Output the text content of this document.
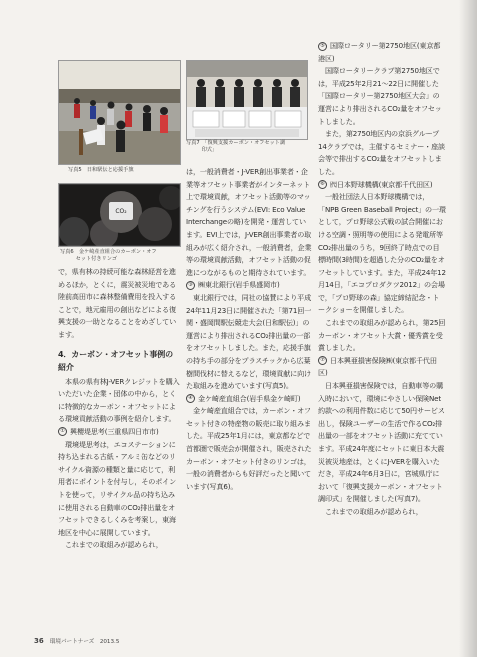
写真5　日和駅伝と応援手旗
写真7　「復興支援カーボン・オフセット調
　　　印式」
CO₂
写真6　金ケ崎産直組合のカーボン・オフ
　　　セット付きリンゴ

で，県有林の持続可能な森林経営を進めるほか，とくに，震災被災地である陸前高田市に森林整備費用を投入することで，地元雇用の創出などによる復興支援の一助となることをめざしています。

4．カーボン・オフセット事例の紹介

本県の県有林J-VERクレジットを購入いただいた企業・団体の中から，とくに特徴的なカーボン・オフセットによる環境貢献活動の事例を紹介します。

① 興櫻堤思考(三重県四日市市)

環境堤思考は，エコステーションに持ち込まれる古紙・アルミ缶などのリサイクル資源の種類と量に応じて，利用者にポイントを付与し，そのポイントを使って，リサイクル品の持ち込みに使用される自動車のCO₂排出量をオフセットできるしくみを考案し，東海地区を中心に展開しています。

これまでの取組みが認められ，

は，一般消費者・J-VER創出事業者・企業等オフセット事業者がインターネット上で環境貢献，オフセット活動等のマッチングを行うシステム(EVI: Eco Value Interchangeの略)を開発・運営しています。EVI上では，J-VER創出事業者の取組みが広く紹介され，一般消費者，企業等の環境貢献活動，オフセット活動の促進につながるものと期待されています。

③ ㈱東北銀行(岩手県盛岡市)

東北銀行では，同社の協賛により平成24年11月23日に開催された「第71回一関・盛岡間駅伝競走大会(日和駅伝)」の運営により排出されるCO₂排出量の一部をオフセットしました。また，応援手旗の持ち手の部分をプラスチックから広葉樹間伐材に替えるなど，環境貢献に向けた取組みを進めています(写真5)。

④ 金ケ崎産直組合(岩手県金ケ崎町)

金ケ崎産直組合では，カーボン・オフセット付きの特産物の販売に取り組みました。平成25年1月には，東京都などで首都圏で販売会が開催され，販売されたカーボン・オフセット付きのリンゴは，一般の消費者からも好評だったと聞いています(写真6)。

⑤ 国際ロータリー第2750地区(東京都港区)

国際ロータリークラブ第2750地区では，平成25年2月21〜22日に開催した「国際ロータリー第2750地区大会」の運営により排出されるCO₂量をオフセットしました。

また，第2750地区内の京浜グループ14クラブでは，主催するセミナー・座談会等で排出するCO₂量をオフセットしました。

⑥ ㈹日本野球機構(東京都千代田区)

一般社団法人日本野球機構では，「NPB Green Baseball Project」の一環として，プロ野球公式戦の試合開催における空調・照明等の使用による発電所等CO₂排出量のうち，9回終了時点での目標時間(3時間)を超過した分のCO₂量をオフセットしています。また，平成24年12月14日，「エコプロダクツ2012」の会場で，「プロ野球の森」協定締結記念・トークショーを開催しました。

これまでの取組みが認められ，第25回カーボン・オフセット大賞・優秀賞を受賞しました。

⑦ 日本興亜損害保険㈱(東京都千代田区)

日本興亜損害保険では，自動車等の購入時において，環境にやさしい保険Net約款への利用件数に応じて50円サービス出し，保険ユーザーの生活で作るCO₂排出量の一部をオフセット活動に充てています。平成24年度にセットに東日本大震災被災地産は，とくにJ-VERを購入いただき，平成24年6月3日に，宮城県庁において「復興支援カーボン・オフセット調印式」を開催しました(写真7)。

これまでの取組みが認められ，

36 環境パートナーズ　2013.5
